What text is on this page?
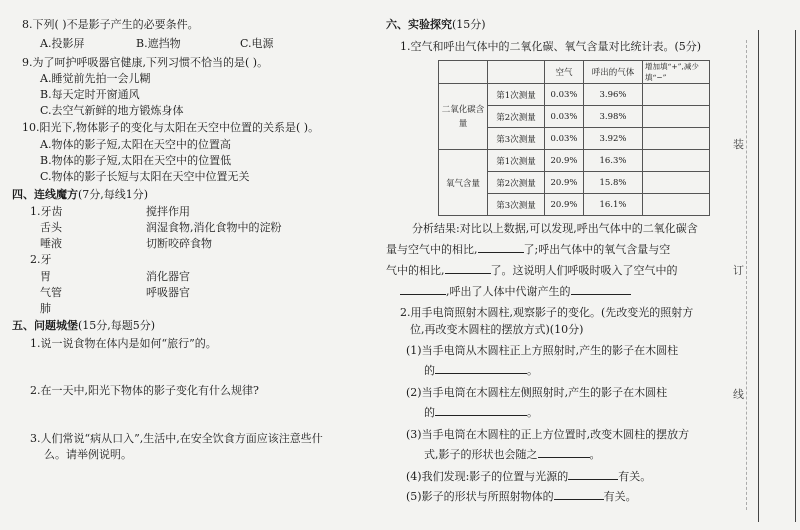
8.下列( )不是影子产生的必要条件。
A.投影屏	B.遮挡物	C.电源
9.为了呵护呼吸器官健康,下列习惯不恰当的是( )。
A.睡觉前先拍一会儿糊
B.每天定时开窗通风
C.去空气新鲜的地方锻炼身体
10.阳光下,物体影子的变化与太阳在天空中位置的关系是( )。
A.物体的影子短,太阳在天空中的位置高
B.物体的影子短,太阳在天空中的位置低
C.物体的影子长短与太阳在天空中位置无关
四、连线魔方(7分,每线1分)
1.牙齿	搅拌作用
舌头	润湿食物,消化食物中的淀粉
唾液	切断咬碎食物
2.牙
胃	消化器官
气管	呼吸器官
肺
五、问题城堡(15分,每题5分)
1.说一说食物在体内是如何“旅行”的。
2.在一天中,阳光下物体的影子变化有什么规律?
3.人们常说“病从口入”,生活中,在安全饮食方面应该注意些什
么。请举例说明。
六、实验探究(15分)
1.空气和呼出气体中的二氧化碳、氧气含量对比统计表。(5分)
		空气	呼出的气体	增加填“+”,减少填“−”
二氧化碳含量	第1次测量	0.03%	3.96%	
	第2次测量	0.03%	3.98%	
	第3次测量	0.03%	3.92%	
氧气含量	第1次测量	20.9%	16.3%	
	第2次测量	20.9%	15.8%	
	第3次测量	20.9%	16.1%	
分析结果:对比以上数据,可以发现,呼出气体中的二氧化碳含
量与空气中的相比,	了;呼出气体中的氧气含量与空
气中的相比,	了。这说明人们呼吸时吸入了空气中的
,呼出了人体中代谢产生的
2.用手电筒照射木圆柱,观察影子的变化。(先改变光的照射方
位,再改变木圆柱的摆放方式)(10分)
(1)当手电筒从木圆柱正上方照射时,产生的影子在木圆柱
的	。
(2)当手电筒在木圆柱左侧照射时,产生的影子在木圆柱
的	。
(3)当手电筒在木圆柱的正上方位置时,改变木圆柱的摆放方
式,影子的形状也会随之	。
(4)我们发现:影子的位置与光源的	有关。
(5)影子的形状与所照射物体的	有关。
装
订
线
